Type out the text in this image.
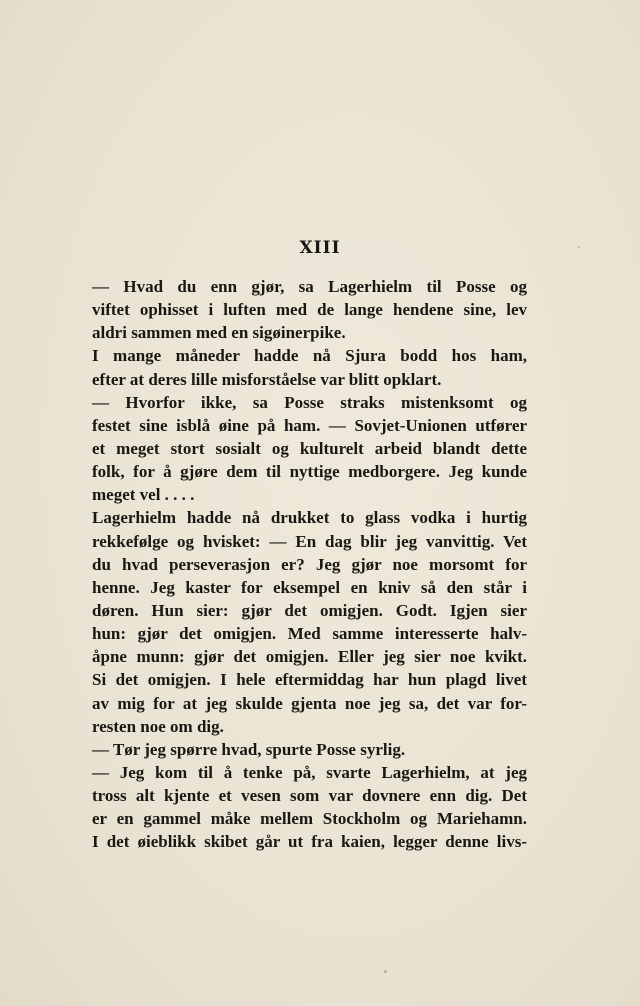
XIII
— Hvad du enn gjør, sa Lagerhielm til Posse og
viftet ophisset i luften med de lange hendene sine, lev
aldri sammen med en sigøinerpike.
I mange måneder hadde nå Sjura bodd hos ham,
efter at deres lille misforståelse var blitt opklart.
— Hvorfor ikke, sa Posse straks mistenksomt og
festet sine isblå øine på ham. — Sovjet-Unionen utfører
et meget stort sosialt og kulturelt arbeid blandt dette
folk, for å gjøre dem til nyttige medborgere. Jeg kunde
meget vel . . . .
Lagerhielm hadde nå drukket to glass vodka i hurtig
rekkefølge og hvisket: — En dag blir jeg vanvittig. Vet
du hvad perseverasjon er? Jeg gjør noe morsomt for
henne. Jeg kaster for eksempel en kniv så den står i
døren. Hun sier: gjør det omigjen. Godt. Igjen sier
hun: gjør det omigjen. Med samme interesserte halv-
åpne munn: gjør det omigjen. Eller jeg sier noe kvikt.
Si det omigjen. I hele eftermiddag har hun plagd livet
av mig for at jeg skulde gjenta noe jeg sa, det var for-
resten noe om dig.
— Tør jeg spørre hvad, spurte Posse syrlig.
— Jeg kom til å tenke på, svarte Lagerhielm, at jeg
tross alt kjente et vesen som var dovnere enn dig. Det
er en gammel måke mellem Stockholm og Mariehamn.
I det øieblikk skibet går ut fra kaien, legger denne livs-
